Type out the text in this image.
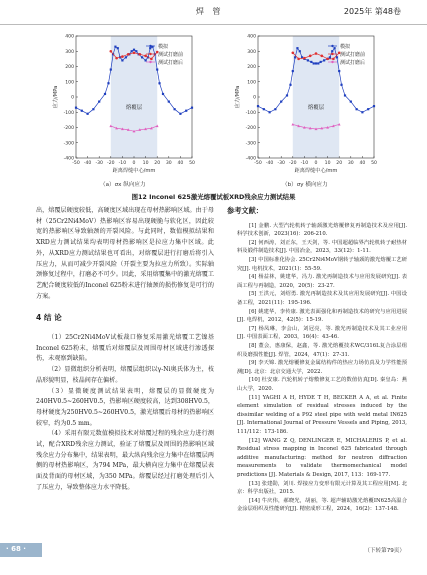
焊 管	2025年 第48卷
-400
-300
-200
-100
0
100
200
300
400
-50 -40 -30 -20 -10 0 10 20 30 40 50
应力/MPa
距离焊缝中心/mm
熔覆层
模拟
测试打磨前
测试打磨后
-400
-300
-200
-100
0
100
200
300
400
-50 -40 -30 -20 -10 0 10 20 30 40 50
应力/MPa
距离焊缝中心/mm
熔覆层
模拟
测试打磨前
测试打磨后
（a）σx 纵向应力	（b）σy 横向应力
图12 Inconel 625激光熔覆试板XRD残余应力测试结果

出，熔覆层硬度较低，高硬度区域出现在母材热影响区域。由于母材（25Cr2Ni4MoV）热影响区容易出现硬脆与软化区，因此较宽的热影响区导致轴颈的开裂风险。与此同时，数值模拟结果和XRD应力测试结果均表明母材热影响区是拉应力集中区域。此外，从XRD应力测试结果也可看出，对熔覆层进行打磨后将引入压应力，从而可减少开裂风险（开裂主要为拉应力所致）。实际轴颈修复过程中，打磨必不可少。因此，采用熔覆集中的激光熔覆工艺配合硬度较低的Inconel 625粉末进行轴颈的损伤修复是可行的方案。

4 结 论

（1）25Cr2Ni4MoV试板裁口修复采用激光熔覆工艺镍基Inconel 625粉末，熔覆后对熔覆层及周围母材区域进行渗透探伤，未观察到缺陷。

（2）显微组织分析表明，熔覆层组织以γ-Ni奥氏体为主，枝晶形貌明显，枝晶间存在偏析。

（3）显微硬度测试结果表明，熔覆层的显微硬度为240HV0.5~260HV0.5，热影响区硬度较高，达到308HV0.5，母材硬度为250HV0.5~260HV0.5，激光熔覆后母材的热影响区较窄，约为0.5 mm。

（4）采用有限元数值模拟技术对熔覆过程的残余应力进行测试，配合XRD残余应力测试，验证了熔覆层及周围的热影响区域残余应力分布集中，结果表明，最大纵向残余应力集中在熔覆层两侧的母材热影响区，为794 MPa，最大横向应力集中在熔覆层表面及背面的母材区域，为350 MPa。熔覆层经过打磨处理后引入了压应力，导致整体应力水平降低。

参考文献：

[1] 金鹏. 大型汽轮机转子轴颈激光熔覆修复再制造技术及应用[J]. 科学技术创新，2023(16)：206-210.

[2] 何西涛，刘正东，王天剑，等. 中国超超临界汽轮机转子耐热材料及锻件制造技术[J]. 中国冶金，2023，33(12)：1-11.

[3] 中国标准化协会. 25Cr2Ni4MoV钢转子轴颈的激光熔覆工艺研究[J]. 电机技术，2021(1)：55-59.

[4] 杨益林，姚建华，冯力. 激光再制造技术与应用发展研究[J]. 表面工程与再制造，2020，20(5)：23-27.

[5] 王洪元，刘绍勇. 激光再制造技术及其应用发展研究[J]. 中国设备工程，2021(11)：195-196.

[6] 姚建华，李传康. 激光表面强化和再制造技术的研究与应用进展[J]. 电焊机，2012，42(5)：15-19.

[7] 杨凤琳，李会山，刘冠亮，等. 激光再制造技术及其工业应用[J]. 中国表面工程，2003，16(4)：43-46.

[8] 董会，惠康保，赵鑫，等. 激光熔覆技术WC/316L复合涂层组织及磨损性能[J]. 焊管，2024，47(1)：27-31.

[9] 李天锦. 激光熔覆修复金属结构件的热应力场仿真及力学性能预测[D]. 北京：北京交通大学，2022.

[10] 杜安康. 汽轮机转子熔敷修复工艺的数值仿真[D]. 秦皇岛：燕山大学，2020.

[11] YAGHI A H, HYDE T H, BECKER A A, et al. Finite element simulation of residual stresses induced by the dissimilar welding of a P92 steel pipe with weld metal IN625 [J]. International Journal of Pressure Vessels and Piping, 2013, 111/112：173-186.

[12] WANG Z Q, DENLINGER E, MICHALERIS P, et al. Residual stress mapping in Inconel 625 fabricated through additive manufacturing: method for neutron diffraction measurements to validate thermomechanical model predictions [J]. Materials & Design, 2017, 113：169-177.

[13] 张建勋，刘川. 焊接应力变形有限元计算及其工程应用[M]. 北京：科学出版社，2015.

[14] 牛庆伟，郝晓光，胡丽，等. 超声辅助激光熔覆IN625高温合金涂层组织及性能研究[J]. 精密成形工程，2024，16(2)：137-148.

（下转第79页）
· 68 ·
